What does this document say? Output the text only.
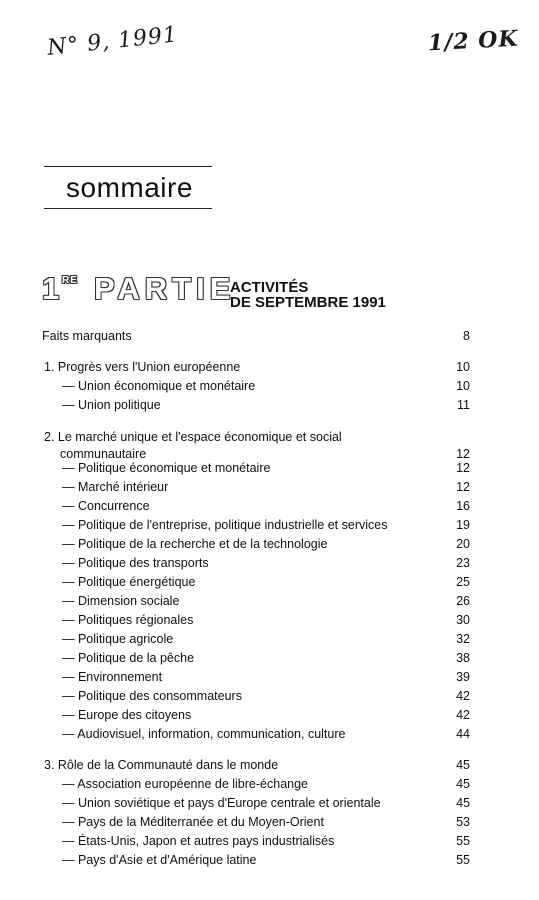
N° 9, 1991	1/2 OK
sommaire
1 RE PARTIE
ACTIVITÉS
DE SEPTEMBRE 1991
Faits marquants	8
1. Progrès vers l'Union européenne	10
— Union économique et monétaire	10
— Union politique	11
2. Le marché unique et l'espace économique et social communautaire	12
— Politique économique et monétaire	12
— Marché intérieur	12
— Concurrence	16
— Politique de l'entreprise, politique industrielle et services	19
— Politique de la recherche et de la technologie	20
— Politique des transports	23
— Politique énergétique	25
— Dimension sociale	26
— Politiques régionales	30
— Politique agricole	32
— Politique de la pêche	38
— Environnement	39
— Politique des consommateurs	42
— Europe des citoyens	42
— Audiovisuel, information, communication, culture	44
3. Rôle de la Communauté dans le monde	45
— Association européenne de libre-échange	45
— Union soviétique et pays d'Europe centrale et orientale	45
— Pays de la Méditerranée et du Moyen-Orient	53
— États-Unis, Japon et autres pays industrialisés	55
— Pays d'Asie et d'Amérique latine	55
